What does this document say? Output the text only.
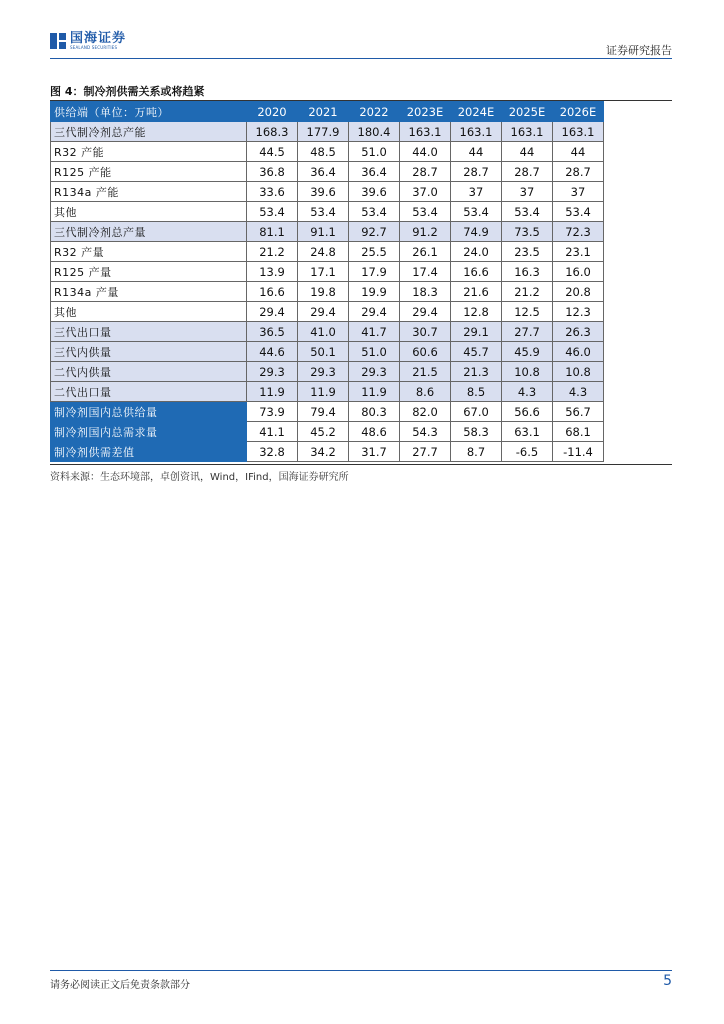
国海证券
SEALAND SECURITIES	证券研究报告
图 4：制冷剂供需关系或将趋紧
供给端（单位：万吨）	2020	2021	2022	2023E	2024E	2025E	2026E
三代制冷剂总产能	168.3	177.9	180.4	163.1	163.1	163.1	163.1
R32 产能	44.5	48.5	51.0	44.0	44	44	44
R125 产能	36.8	36.4	36.4	28.7	28.7	28.7	28.7
R134a 产能	33.6	39.6	39.6	37.0	37	37	37
其他	53.4	53.4	53.4	53.4	53.4	53.4	53.4
三代制冷剂总产量	81.1	91.1	92.7	91.2	74.9	73.5	72.3
R32 产量	21.2	24.8	25.5	26.1	24.0	23.5	23.1
R125 产量	13.9	17.1	17.9	17.4	16.6	16.3	16.0
R134a 产量	16.6	19.8	19.9	18.3	21.6	21.2	20.8
其他	29.4	29.4	29.4	29.4	12.8	12.5	12.3
三代出口量	36.5	41.0	41.7	30.7	29.1	27.7	26.3
三代内供量	44.6	50.1	51.0	60.6	45.7	45.9	46.0
二代内供量	29.3	29.3	29.3	21.5	21.3	10.8	10.8
二代出口量	11.9	11.9	11.9	8.6	8.5	4.3	4.3
制冷剂国内总供给量	73.9	79.4	80.3	82.0	67.0	56.6	56.7
制冷剂国内总需求量	41.1	45.2	48.6	54.3	58.3	63.1	68.1
制冷剂供需差值	32.8	34.2	31.7	27.7	8.7	-6.5	-11.4
资料来源：生态环境部，卓创资讯，Wind，IFind，国海证券研究所
请务必阅读正文后免责条款部分	5
